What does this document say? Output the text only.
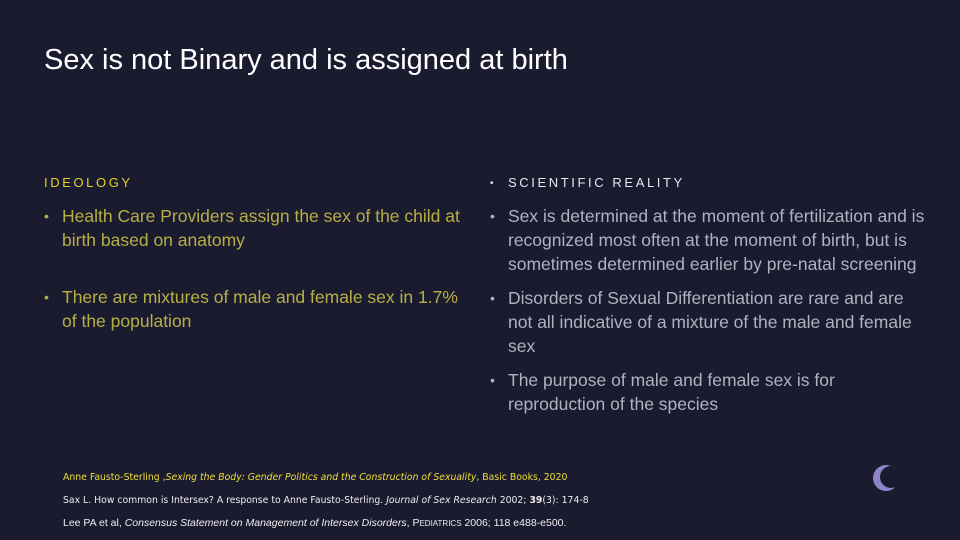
Sex is not Binary and is assigned at birth
IDEOLOGY
• Health Care Providers assign the sex of the child at birth based on anatomy
• There are mixtures of male and female sex in 1.7% of the population
• SCIENTIFIC REALITY
• Sex is determined at the moment of fertilization and is recognized most often at the moment of birth, but is sometimes determined earlier by pre-natal screening
• Disorders of Sexual Differentiation are rare and are not all indicative of a mixture of the male and female sex
• The purpose of male and female sex is for reproduction of the species
Anne Fausto-Sterling ,Sexing the Body: Gender Politics and the Construction of Sexuality, Basic Books, 2020
Sax L. How common is Intersex? A response to Anne Fausto-Sterling. Journal of Sex Research 2002; 39(3): 174-8
Lee PA et al, Consensus Statement on Management of Intersex Disorders, PEDIATRICS 2006; 118 e488-e500.
